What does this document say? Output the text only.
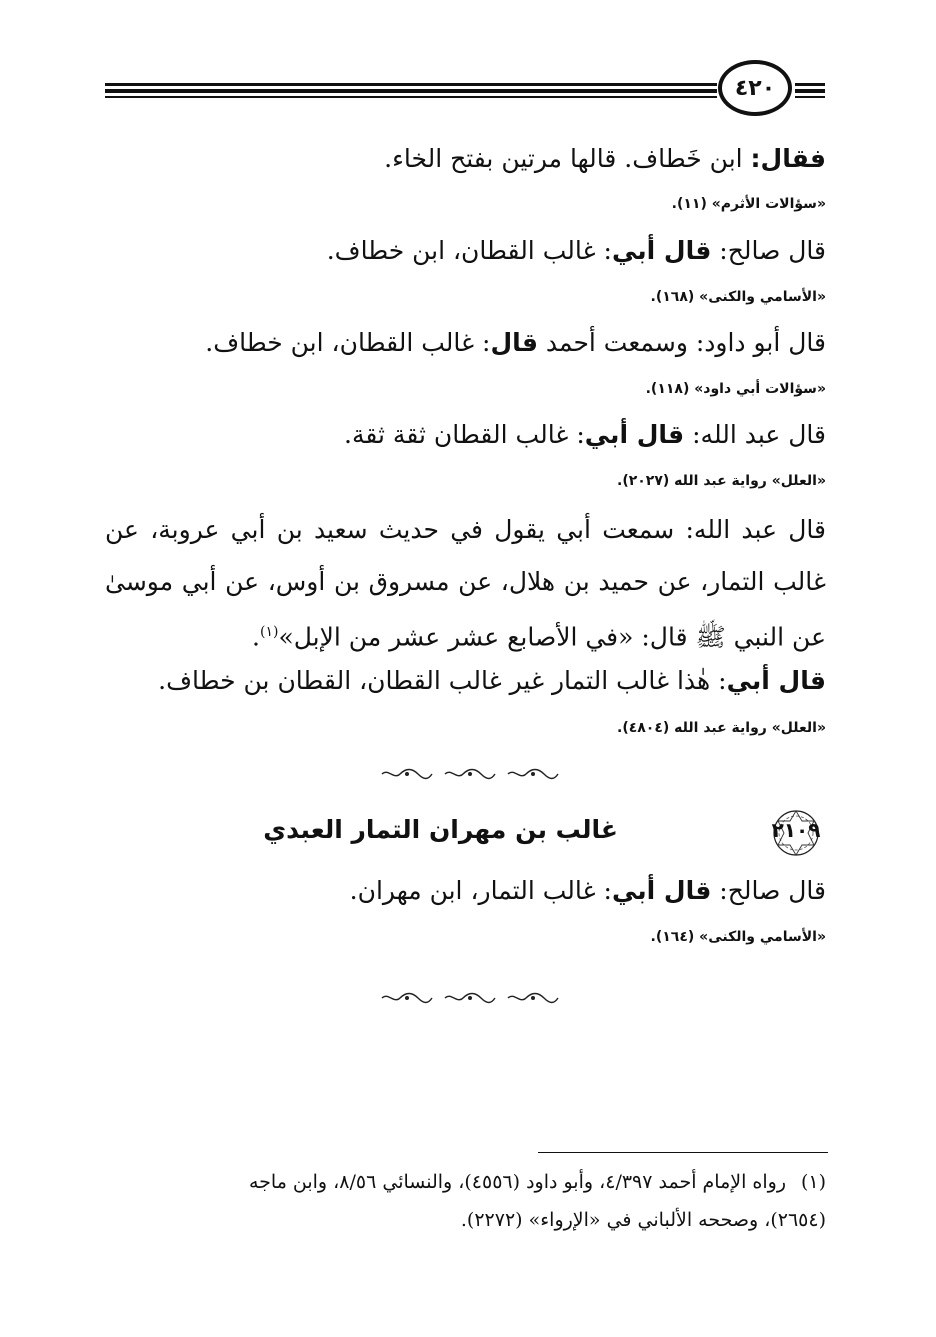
٤٢٠
فقال: ابن خَطاف. قالها مرتين بفتح الخاء.
«سؤالات الأثرم» (١١).
قال صالح: قال أبي: غالب القطان، ابن خطاف.
«الأسامي والكنى» (١٦٨).
قال أبو داود: وسمعت أحمد قال: غالب القطان، ابن خطاف.
«سؤالات أبي داود» (١١٨).
قال عبد الله: قال أبي: غالب القطان ثقة ثقة.
«العلل» رواية عبد الله (٢٠٢٧).
قال عبد الله: سمعت أبي يقول في حديث سعيد بن أبي عروبة، عن
غالب التمار، عن حميد بن هلال، عن مسروق بن أوس، عن أبي موسىٰ
عن النبي ﷺ قال: «في الأصابع عشر عشر من الإبل»$^{(١)}$.
قال أبي: هٰذا غالب التمار غير غالب القطان، القطان بن خطاف.
«العلل» رواية عبد الله (٤٨٠٤).
٢١٠٩
غالب بن مهران التمار العبدي
قال صالح: قال أبي: غالب التمار، ابن مهران.
«الأسامي والكنى» (١٦٤).
(١)
رواه الإمام أحمد ٤/٣٩٧، وأبو داود (٤٥٥٦)، والنسائي ٨/٥٦، وابن ماجه
(٢٦٥٤)، وصححه الألباني في «الإرواء» (٢٢٧٢).
